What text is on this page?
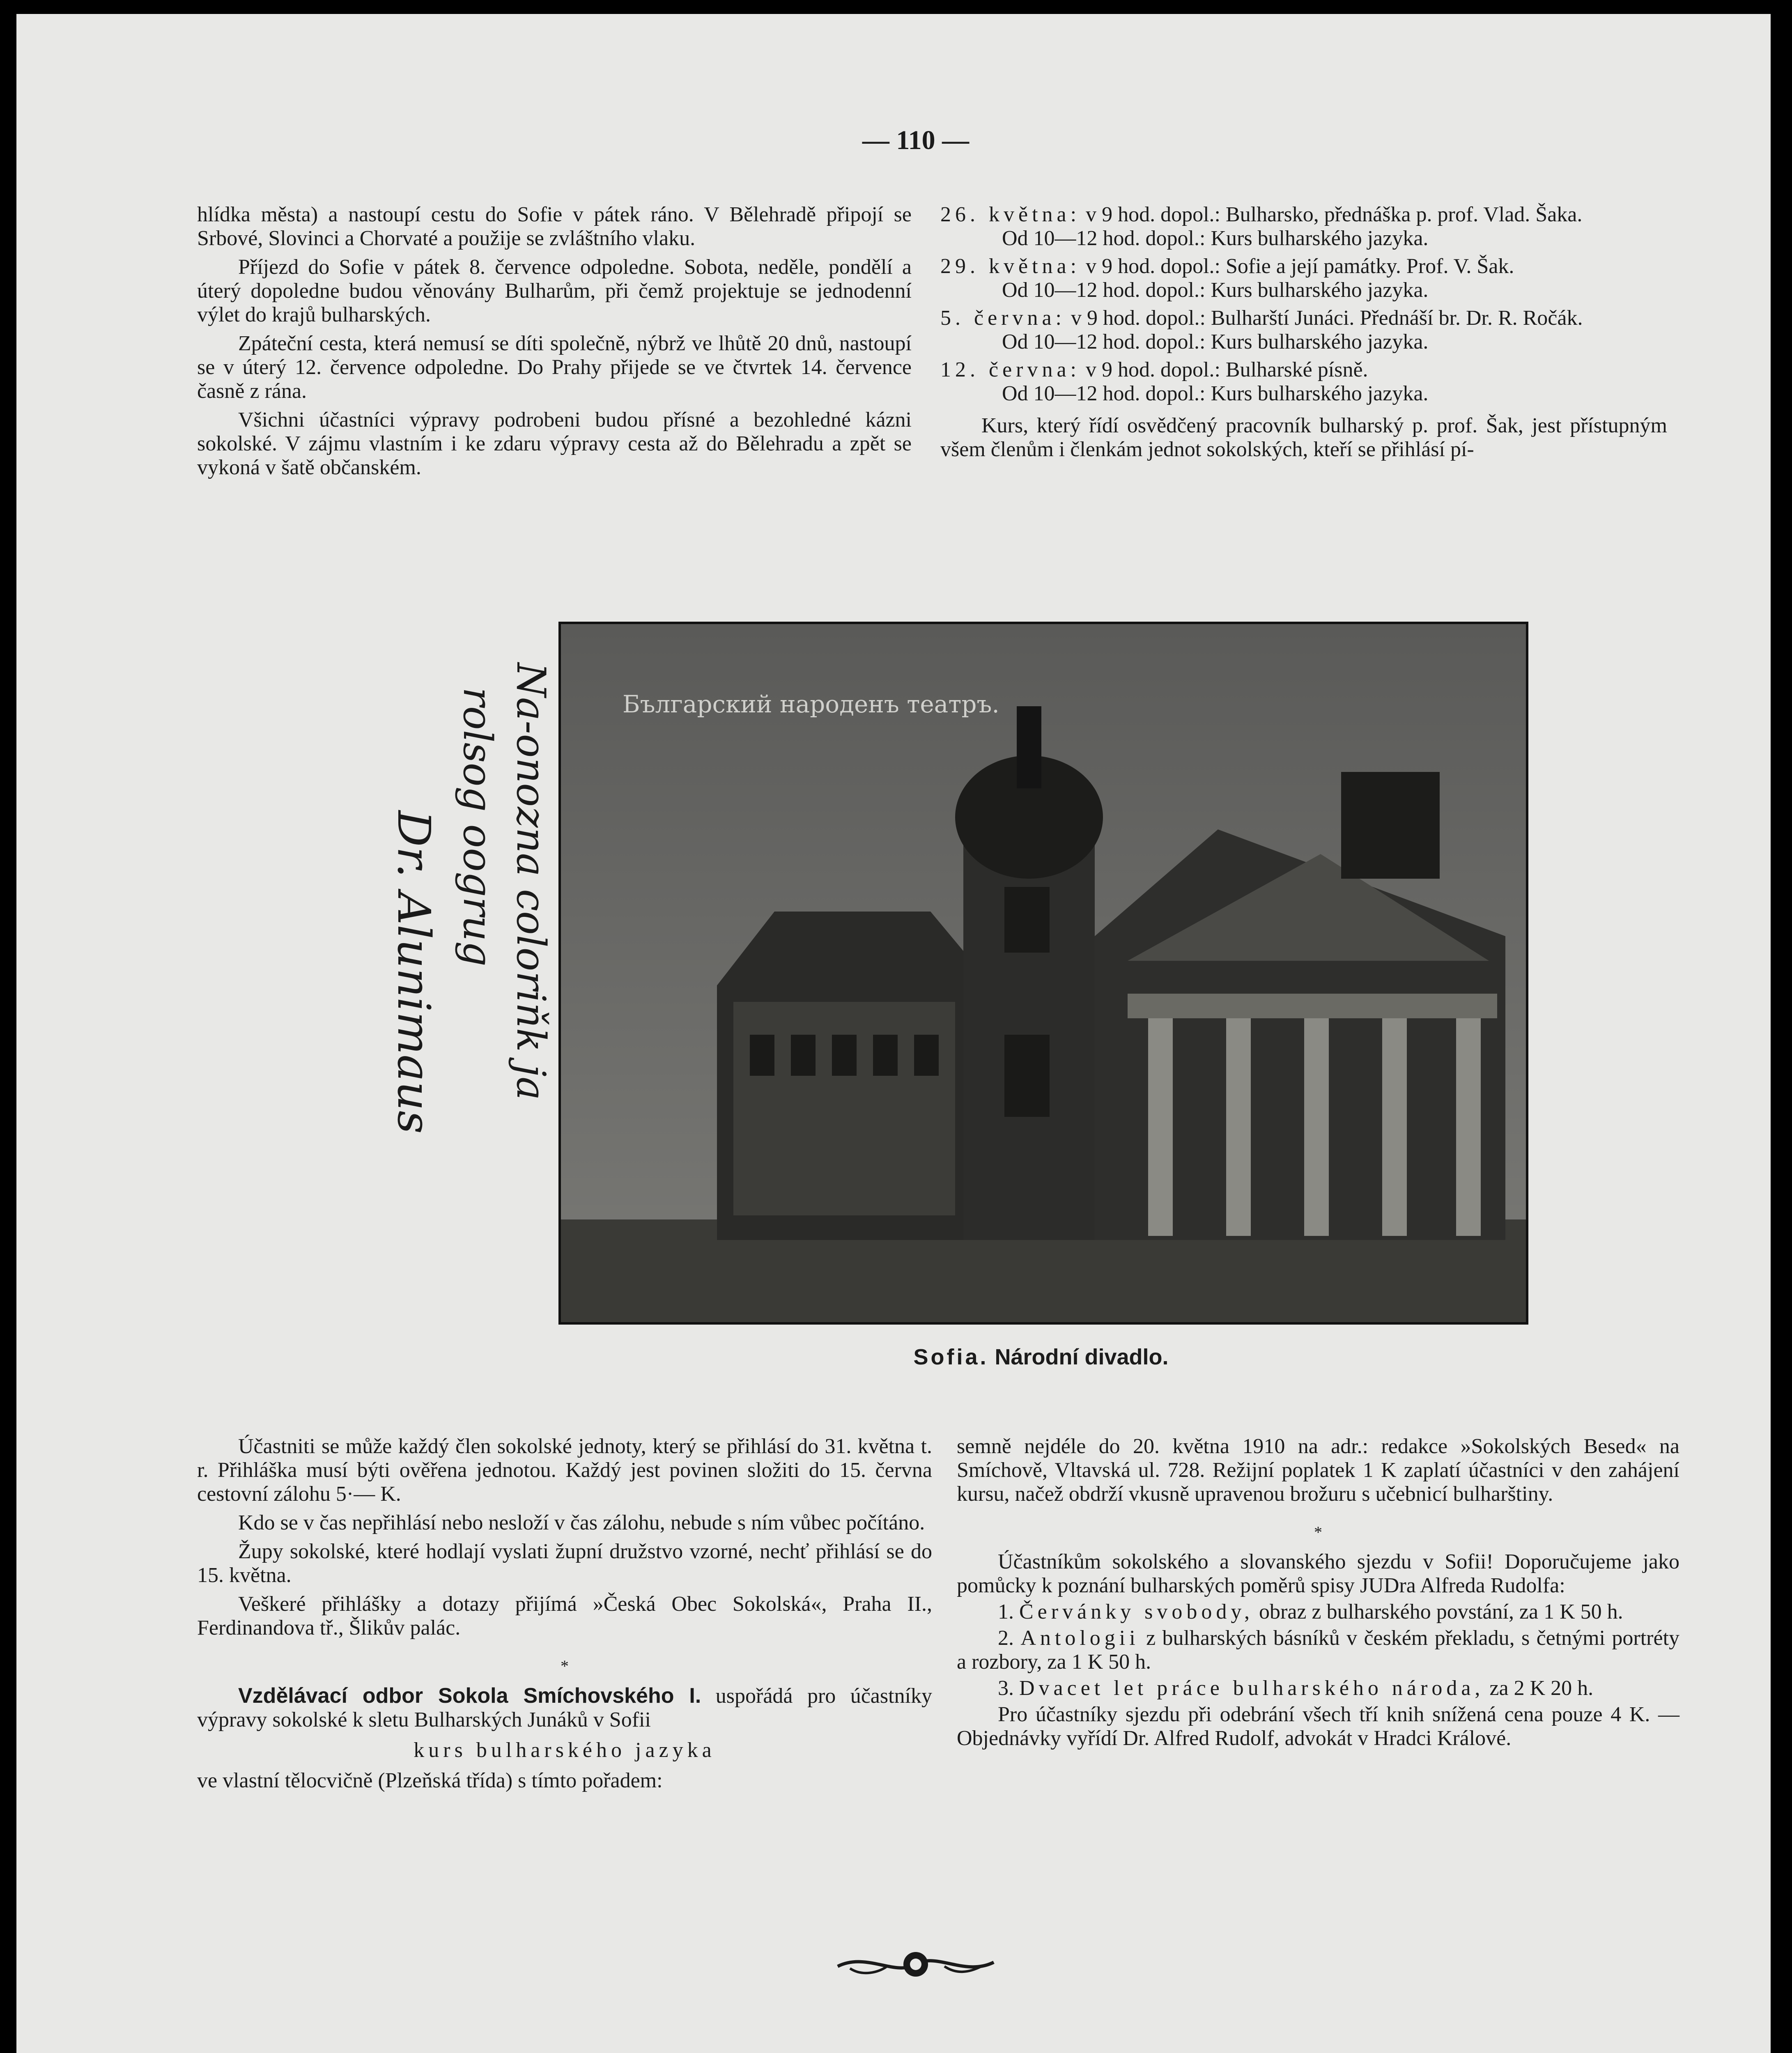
— 110 —

hlídka města) a nastoupí cestu do Sofie v pátek ráno. V Bělehradě připojí se Srbové, Slovinci a Chorvaté a použije se zvláštního vlaku.

Příjezd do Sofie v pátek 8. července odpoledne. Sobota, neděle, pondělí a úterý dopoledne budou věnovány Bulharům, při čemž projektuje se jednodenní výlet do krajů bulharských.

Zpáteční cesta, která nemusí se díti společně, nýbrž ve lhůtě 20 dnů, nastoupí se v úterý 12. července odpoledne. Do Prahy přijede se ve čtvrtek 14. července časně z rána.

Všichni účastníci výpravy podrobeni budou přísné a bezohledné kázni sokolské. V zájmu vlastním i ke zdaru výpravy cesta až do Bělehradu a zpět se vykoná v šatě občanském.

26. května: v 9 hod. dopol.: Bulharsko, přednáška p. prof. Vlad. Šaka.
Od 10—12 hod. dopol.: Kurs bulharského jazyka.
29. května: v 9 hod. dopol.: Sofie a její památky. Prof. V. Šak.
Od 10—12 hod. dopol.: Kurs bulharského jazyka.
5. června: v 9 hod. dopol.: Bulharští Junáci. Přednáší br. Dr. R. Ročák.
Od 10—12 hod. dopol.: Kurs bulharského jazyka.
12. června: v 9 hod. dopol.: Bulharské písně.
Od 10—12 hod. dopol.: Kurs bulharského jazyka.

Kurs, který řídí osvědčený pracovník bulharský p. prof. Šak, jest přístupným všem členům i členkám jednot sokolských, kteří se přihlásí pí-

Na-onozna coloriňk ja
rolsog oogrug
Dr. Alunimaus
Българский народенъ театръ.
Sofia. Národní divadlo.

Účastniti se může každý člen sokolské jednoty, který se přihlásí do 31. května t. r. Přihláška musí býti ověřena jednotou. Každý jest povinen složiti do 15. června cestovní zálohu 5·— K.

Kdo se v čas nepřihlásí nebo nesloží v čas zálohu, nebude s ním vůbec počítáno.

Župy sokolské, které hodlají vyslati župní družstvo vzorné, nechť přihlásí se do 15. května.

Veškeré přihlášky a dotazy přijímá »Česká Obec Sokolská«, Praha II., Ferdinandova tř., Šlikův palác.

*

Vzdělávací odbor Sokola Smíchovského I. uspořádá pro účastníky výpravy sokolské k sletu Bulharských Junáků v Sofii

kurs bulharského jazyka

ve vlastní tělocvičně (Plzeňská třída) s tímto pořadem:

semně nejdéle do 20. května 1910 na adr.: redakce »Sokolských Besed« na Smíchově, Vltavská ul. 728. Režijní poplatek 1 K zaplatí účastníci v den zahájení kursu, načež obdrží vkusně upravenou brožuru s učebnicí bulharštiny.

*

Účastníkům sokolského a slovanského sjezdu v Sofii! Doporučujeme jako pomůcky k poznání bulharských poměrů spisy JUDra Alfreda Rudolfa:

1. Červánky svobody, obraz z bulharského povstání, za 1 K 50 h.

2. Antologii z bulharských básníků v českém překladu, s četnými portréty a rozbory, za 1 K 50 h.

3. Dvacet let práce bulharského národa, za 2 K 20 h.

Pro účastníky sjezdu při odebrání všech tří knih snížená cena pouze 4 K. — Objednávky vyřídí Dr. Alfred Rudolf, advokát v Hradci Králové.
